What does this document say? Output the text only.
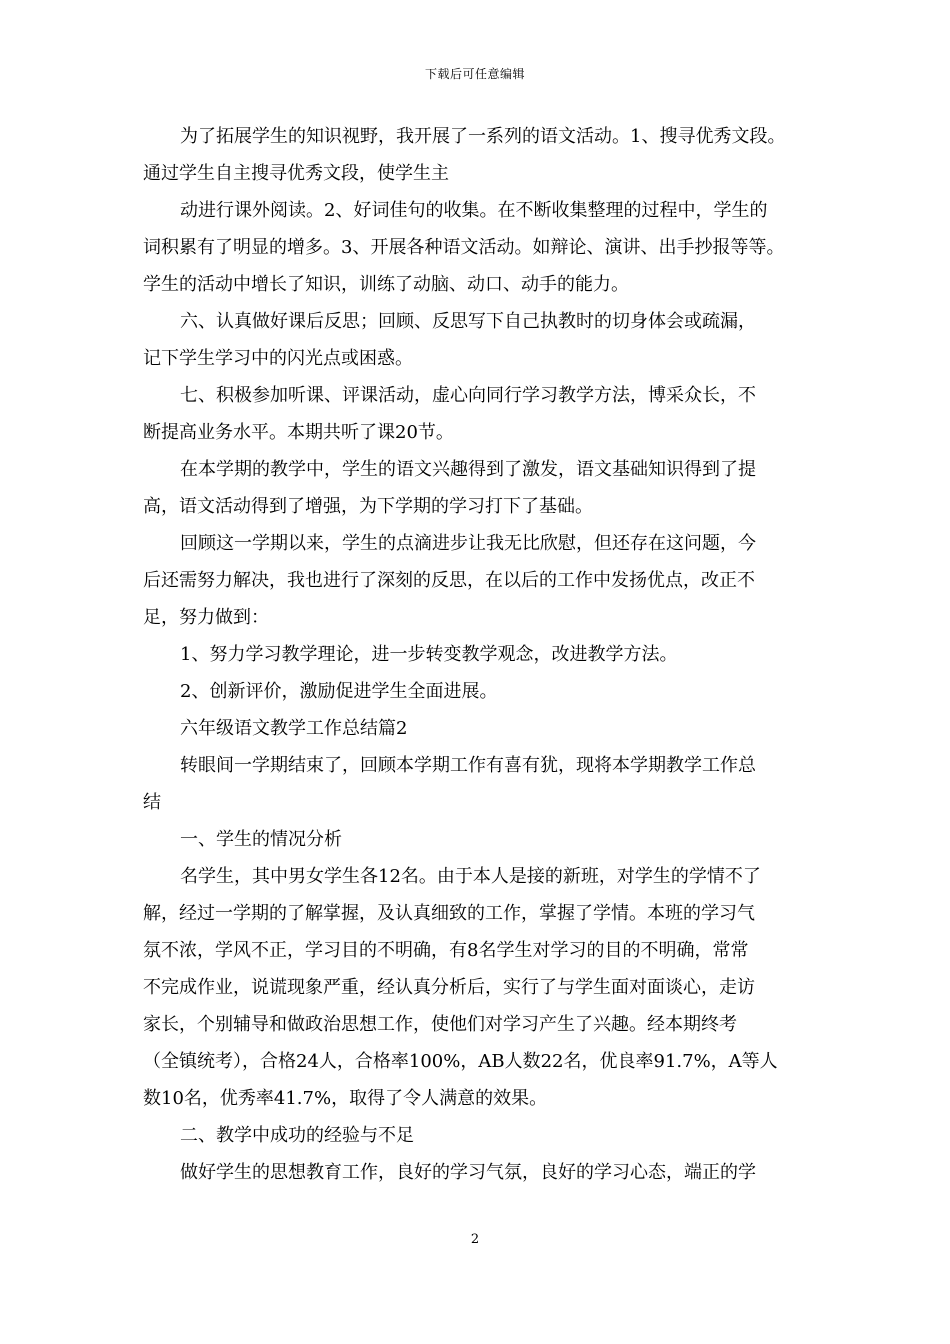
下载后可任意编辑

为了拓展学生的知识视野，我开展了一系列的语文活动。1、搜寻优秀文段。
通过学生自主搜寻优秀文段，使学生主

动进行课外阅读。2、好词佳句的收集。在不断收集整理的过程中，学生的
词积累有了明显的增多。3、开展各种语文活动。如辩论、演讲、出手抄报等等。
学生的活动中增长了知识，训练了动脑、动口、动手的能力。

六、认真做好课后反思；回顾、反思写下自己执教时的切身体会或疏漏，
记下学生学习中的闪光点或困惑。

七、积极参加听课、评课活动，虚心向同行学习教学方法，博采众长，不
断提高业务水平。本期共听了课20节。

在本学期的教学中，学生的语文兴趣得到了激发，语文基础知识得到了提
高，语文活动得到了增强，为下学期的学习打下了基础。

回顾这一学期以来，学生的点滴进步让我无比欣慰，但还存在这问题，今
后还需努力解决，我也进行了深刻的反思，在以后的工作中发扬优点，改正不
足，努力做到：

1、努力学习教学理论，进一步转变教学观念，改进教学方法。

2、创新评价，激励促进学生全面进展。

六年级语文教学工作总结篇2

转眼间一学期结束了，回顾本学期工作有喜有犹，现将本学期教学工作总
结

一、学生的情况分析

名学生，其中男女学生各12名。由于本人是接的新班，对学生的学情不了
解，经过一学期的了解掌握，及认真细致的工作，掌握了学情。本班的学习气
氛不浓，学风不正，学习目的不明确，有8名学生对学习的目的不明确，常常
不完成作业，说谎现象严重，经认真分析后，实行了与学生面对面谈心，走访
家长，个别辅导和做政治思想工作，使他们对学习产生了兴趣。经本期终考
（全镇统考），合格24人，合格率100%，AB人数22名，优良率91.7%，A等人
数10名，优秀率41.7%，取得了令人满意的效果。

二、教学中成功的经验与不足

做好学生的思想教育工作，良好的学习气氛，良好的学习心态，端正的学

2
